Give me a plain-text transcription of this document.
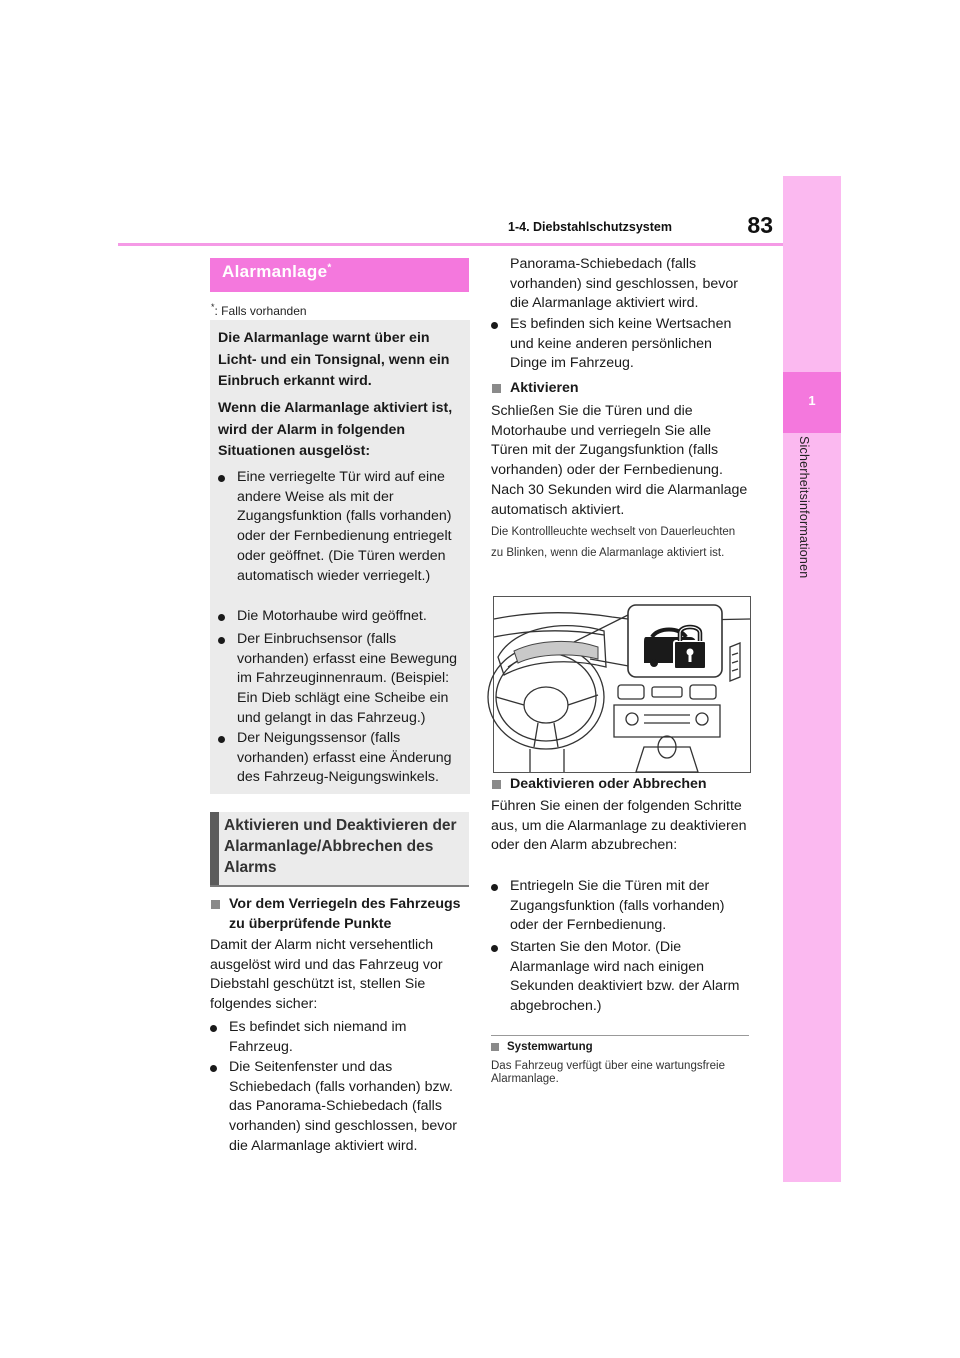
1-4. Diebstahlschutzsystem	83
1
Sicherheitsinformationen
Alarmanlage*
*: Falls vorhanden
Die Alarmanlage warnt über ein Licht- und ein Tonsignal, wenn ein Einbruch erkannt wird.
Wenn die Alarmanlage aktiviert ist, wird der Alarm in folgenden Situationen ausgelöst:
Eine verriegelte Tür wird auf eine andere Weise als mit der Zugangsfunktion (falls vorhanden) oder der Fernbedienung entriegelt oder geöffnet. (Die Türen werden automatisch wieder verriegelt.)
Die Motorhaube wird geöffnet.
Der Einbruchsensor (falls vorhanden) erfasst eine Bewegung im Fahrzeuginnenraum. (Beispiel: Ein Dieb schlägt eine Scheibe ein und gelangt in das Fahrzeug.)
Der Neigungssensor (falls vorhanden) erfasst eine Änderung des Fahrzeug-Neigungswinkels.
Aktivieren und Deaktivieren der Alarmanlage/Abbrechen des Alarms
Vor dem Verriegeln des Fahrzeugs zu überprüfende Punkte
Damit der Alarm nicht versehentlich ausgelöst wird und das Fahrzeug vor Diebstahl geschützt ist, stellen Sie folgendes sicher:
Es befindet sich niemand im Fahrzeug.
Die Seitenfenster und das Schiebedach (falls vorhanden) bzw. das Panorama-Schiebedach (falls vorhanden) sind geschlossen, bevor die Alarmanlage aktiviert wird.
Panorama-Schiebedach (falls vorhanden) sind geschlossen, bevor die Alarmanlage aktiviert wird.
Es befinden sich keine Wertsachen und keine anderen persönlichen Dinge im Fahrzeug.
Aktivieren
Schließen Sie die Türen und die Motorhaube und verriegeln Sie alle Türen mit der Zugangsfunktion (falls vorhanden) oder der Fernbedienung. Nach 30 Sekunden wird die Alarmanlage automatisch aktiviert.
Die Kontrollleuchte wechselt von Dauerleuchten zu Blinken, wenn die Alarmanlage aktiviert ist.
Deaktivieren oder Abbrechen
Führen Sie einen der folgenden Schritte aus, um die Alarmanlage zu deaktivieren oder den Alarm abzubrechen:
Entriegeln Sie die Türen mit der Zugangsfunktion (falls vorhanden) oder der Fernbedienung.
Starten Sie den Motor. (Die Alarmanlage wird nach einigen Sekunden deaktiviert bzw. der Alarm abgebrochen.)
Systemwartung
Das Fahrzeug verfügt über eine wartungsfreie Alarmanlage.
